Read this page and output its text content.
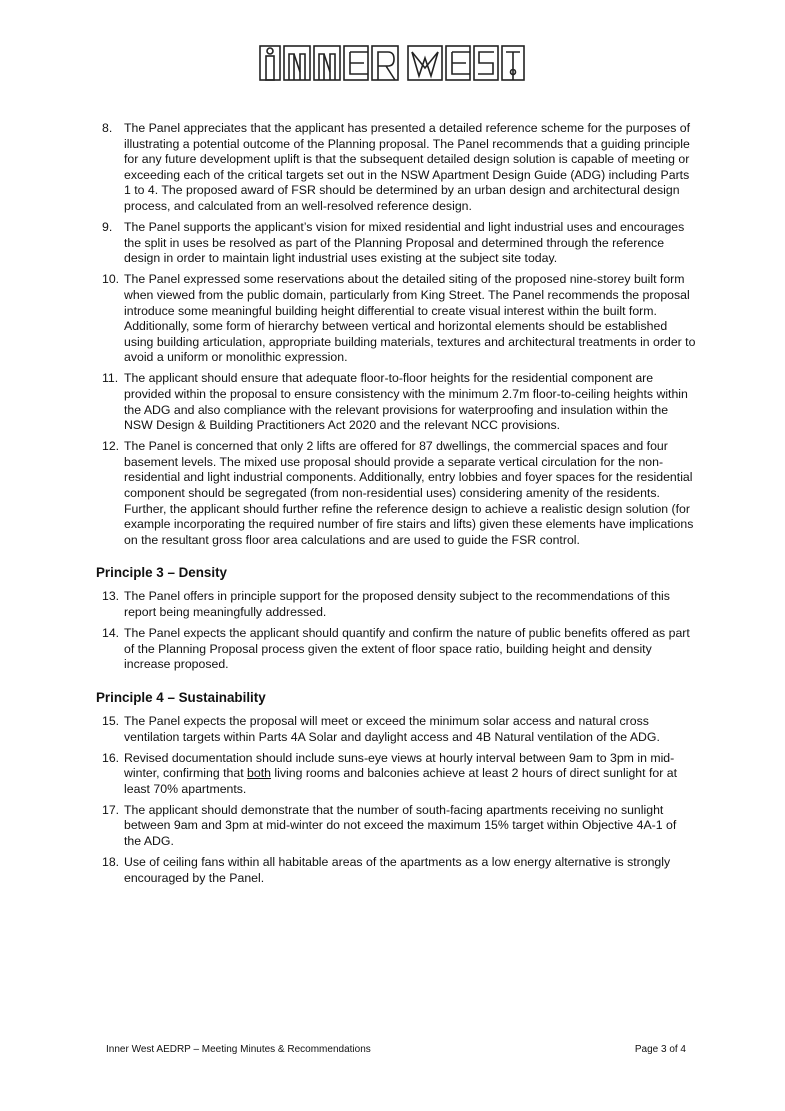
8. The Panel appreciates that the applicant has presented a detailed reference scheme for the purposes of illustrating a potential outcome of the Planning proposal. The Panel recommends that a guiding principle for any future development uplift is that the subsequent detailed design solution is capable of meeting or exceeding each of the critical targets set out in the NSW Apartment Design Guide (ADG) including Parts 1 to 4. The proposed award of FSR should be determined by an urban design and architectural design process, and calculated from an well-resolved reference design.
9. The Panel supports the applicant’s vision for mixed residential and light industrial uses and encourages the split in uses be resolved as part of the Planning Proposal and determined through the reference design in order to maintain light industrial uses existing at the subject site today.
10. The Panel expressed some reservations about the detailed siting of the proposed nine-storey built form when viewed from the public domain, particularly from King Street. The Panel recommends the proposal introduce some meaningful building height differential to create visual interest within the built form. Additionally, some form of hierarchy between vertical and horizontal elements should be established using building articulation, appropriate building materials, textures and architectural treatments in order to avoid a uniform or monolithic expression.
11. The applicant should ensure that adequate floor-to-floor heights for the residential component are provided within the proposal to ensure consistency with the minimum 2.7m floor-to-ceiling heights within the ADG and also compliance with the relevant provisions for waterproofing and insulation within the NSW Design & Building Practitioners Act 2020 and the relevant NCC provisions.
12. The Panel is concerned that only 2 lifts are offered for 87 dwellings, the commercial spaces and four basement levels. The mixed use proposal should provide a separate vertical circulation for the non-residential and light industrial components. Additionally, entry lobbies and foyer spaces for the residential component should be segregated (from non-residential uses) considering amenity of the residents. Further, the applicant should further refine the reference design to achieve a realistic design solution (for example incorporating the required number of fire stairs and lifts) given these elements have implications on the resultant gross floor area calculations and are used to guide the FSR control.
Principle 3 – Density
13. The Panel offers in principle support for the proposed density subject to the recommendations of this report being meaningfully addressed.
14. The Panel expects the applicant should quantify and confirm the nature of public benefits offered as part of the Planning Proposal process given the extent of floor space ratio, building height and density increase proposed.
Principle 4 – Sustainability
15. The Panel expects the proposal will meet or exceed the minimum solar access and natural cross ventilation targets within Parts 4A Solar and daylight access and 4B Natural ventilation of the ADG.
16. Revised documentation should include suns-eye views at hourly interval between 9am to 3pm in mid-winter, confirming that both living rooms and balconies achieve at least 2 hours of direct sunlight for at least 70% apartments.
17. The applicant should demonstrate that the number of south-facing apartments receiving no sunlight between 9am and 3pm at mid-winter do not exceed the maximum 15% target within Objective 4A-1 of the ADG.
18. Use of ceiling fans within all habitable areas of the apartments as a low energy alternative is strongly encouraged by the Panel.
Inner West AEDRP – Meeting Minutes & Recommendations	Page 3 of 4
